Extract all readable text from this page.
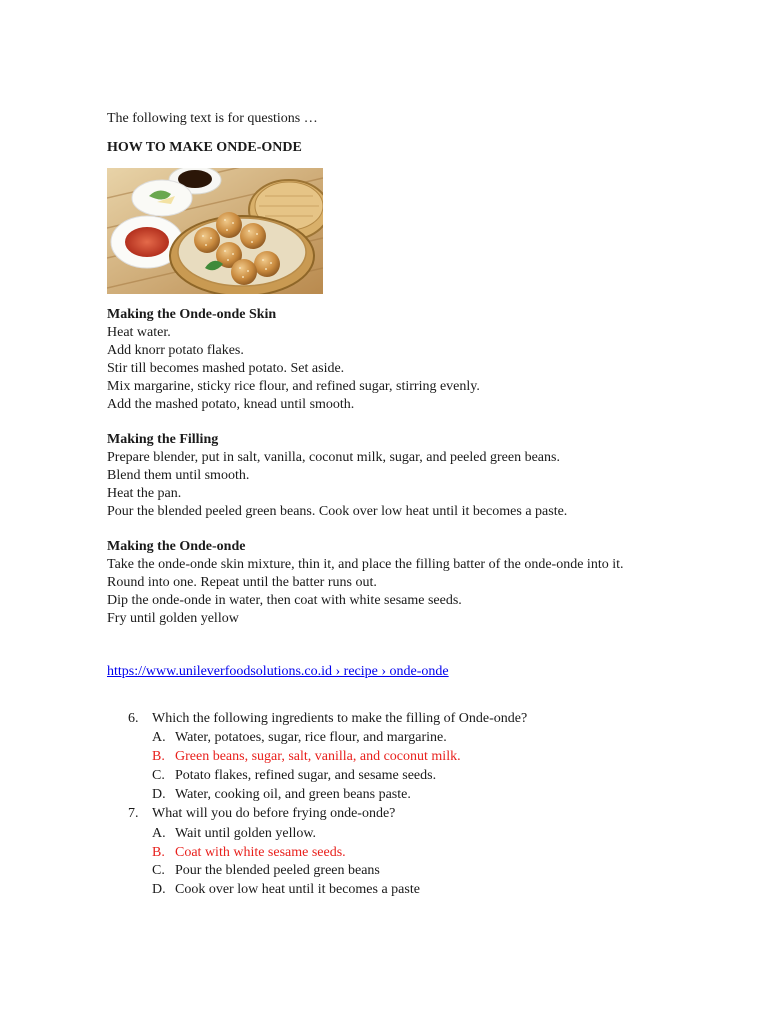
The following text is for questions …
HOW TO MAKE ONDE-ONDE
Making the Onde-onde Skin
Heat water.
Add knorr potato flakes.
Stir till becomes mashed potato. Set aside.
Mix margarine, sticky rice flour, and refined sugar, stirring evenly.
Add the mashed potato, knead until smooth.
Making the Filling
Prepare blender, put in salt, vanilla, coconut milk, sugar, and peeled green beans.
Blend them until smooth.
Heat the pan.
Pour the blended peeled green beans. Cook over low heat until it becomes a paste.
Making the Onde-onde
Take the onde-onde skin mixture, thin it, and place the filling batter of the onde-onde into it.
Round into one. Repeat until the batter runs out.
Dip the onde-onde in water, then coat with white sesame seeds.
Fry until golden yellow
https://www.unileverfoodsolutions.co.id › recipe › onde-onde
6. Which the following ingredients to make the filling of Onde-onde?
A. Water, potatoes, sugar, rice flour, and margarine.
B. Green beans, sugar, salt, vanilla, and coconut milk.
C. Potato flakes, refined sugar, and sesame seeds.
D. Water, cooking oil, and green beans paste.
7. What will you do before frying onde-onde?
A. Wait until golden yellow.
B. Coat with white sesame seeds.
C. Pour the blended peeled green beans
D. Cook over low heat until it becomes a paste
